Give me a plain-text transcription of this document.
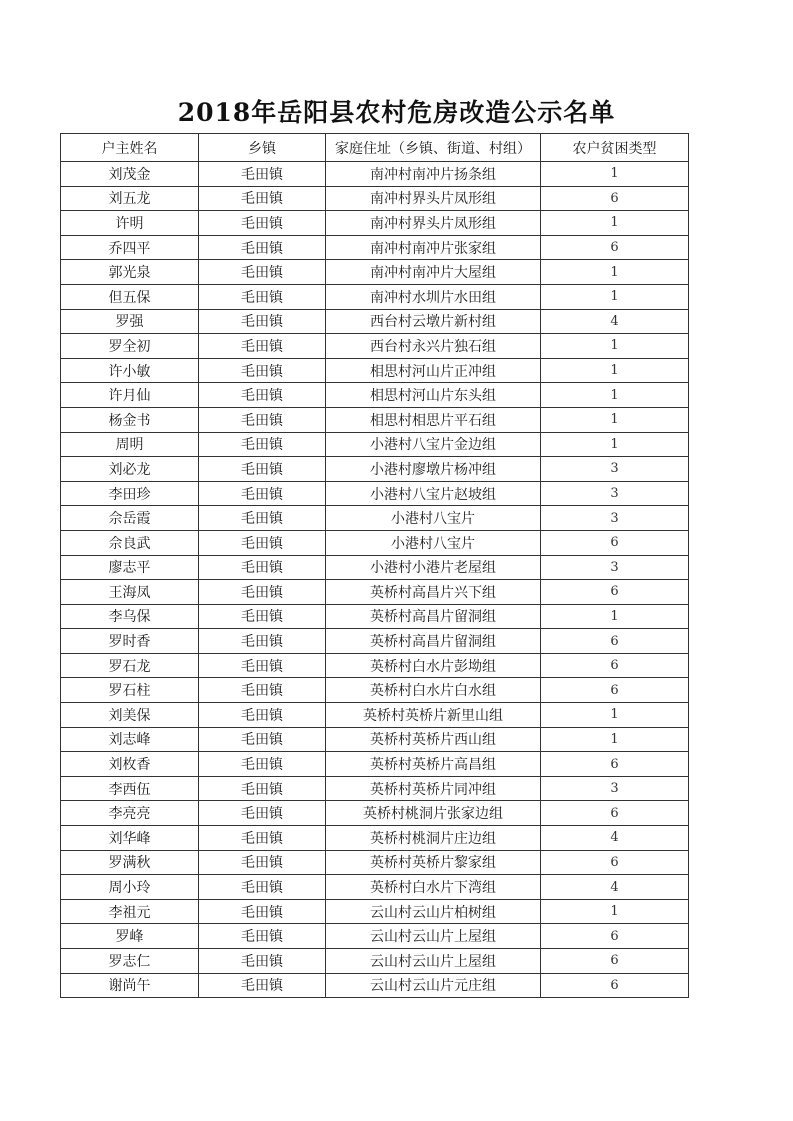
2018年岳阳县农村危房改造公示名单
户主姓名	乡镇	家庭住址（乡镇、街道、村组）	农户贫困类型
刘茂金	毛田镇	南冲村南冲片扬条组	1
刘五龙	毛田镇	南冲村界头片凤形组	6
许明	毛田镇	南冲村界头片凤形组	1
乔四平	毛田镇	南冲村南冲片张家组	6
郭光泉	毛田镇	南冲村南冲片大屋组	1
但五保	毛田镇	南冲村水圳片水田组	1
罗强	毛田镇	西台村云墩片新村组	4
罗全初	毛田镇	西台村永兴片独石组	1
许小敏	毛田镇	相思村河山片正冲组	1
许月仙	毛田镇	相思村河山片东头组	1
杨金书	毛田镇	相思村相思片平石组	1
周明	毛田镇	小港村八宝片金边组	1
刘必龙	毛田镇	小港村廖墩片杨冲组	3
李田珍	毛田镇	小港村八宝片赵坡组	3
佘岳霞	毛田镇	小港村八宝片	3
佘良武	毛田镇	小港村八宝片	6
廖志平	毛田镇	小港村小港片老屋组	3
王海凤	毛田镇	英桥村高昌片兴下组	6
李乌保	毛田镇	英桥村高昌片留洞组	1
罗时香	毛田镇	英桥村高昌片留洞组	6
罗石龙	毛田镇	英桥村白水片彭坳组	6
罗石柱	毛田镇	英桥村白水片白水组	6
刘美保	毛田镇	英桥村英桥片新里山组	1
刘志峰	毛田镇	英桥村英桥片西山组	1
刘枚香	毛田镇	英桥村英桥片高昌组	6
李西伍	毛田镇	英桥村英桥片同冲组	3
李亮亮	毛田镇	英桥村桃洞片张家边组	6
刘华峰	毛田镇	英桥村桃洞片庄边组	4
罗满秋	毛田镇	英桥村英桥片黎家组	6
周小玲	毛田镇	英桥村白水片下湾组	4
李祖元	毛田镇	云山村云山片柏树组	1
罗峰	毛田镇	云山村云山片上屋组	6
罗志仁	毛田镇	云山村云山片上屋组	6
谢尚午	毛田镇	云山村云山片元庄组	6
